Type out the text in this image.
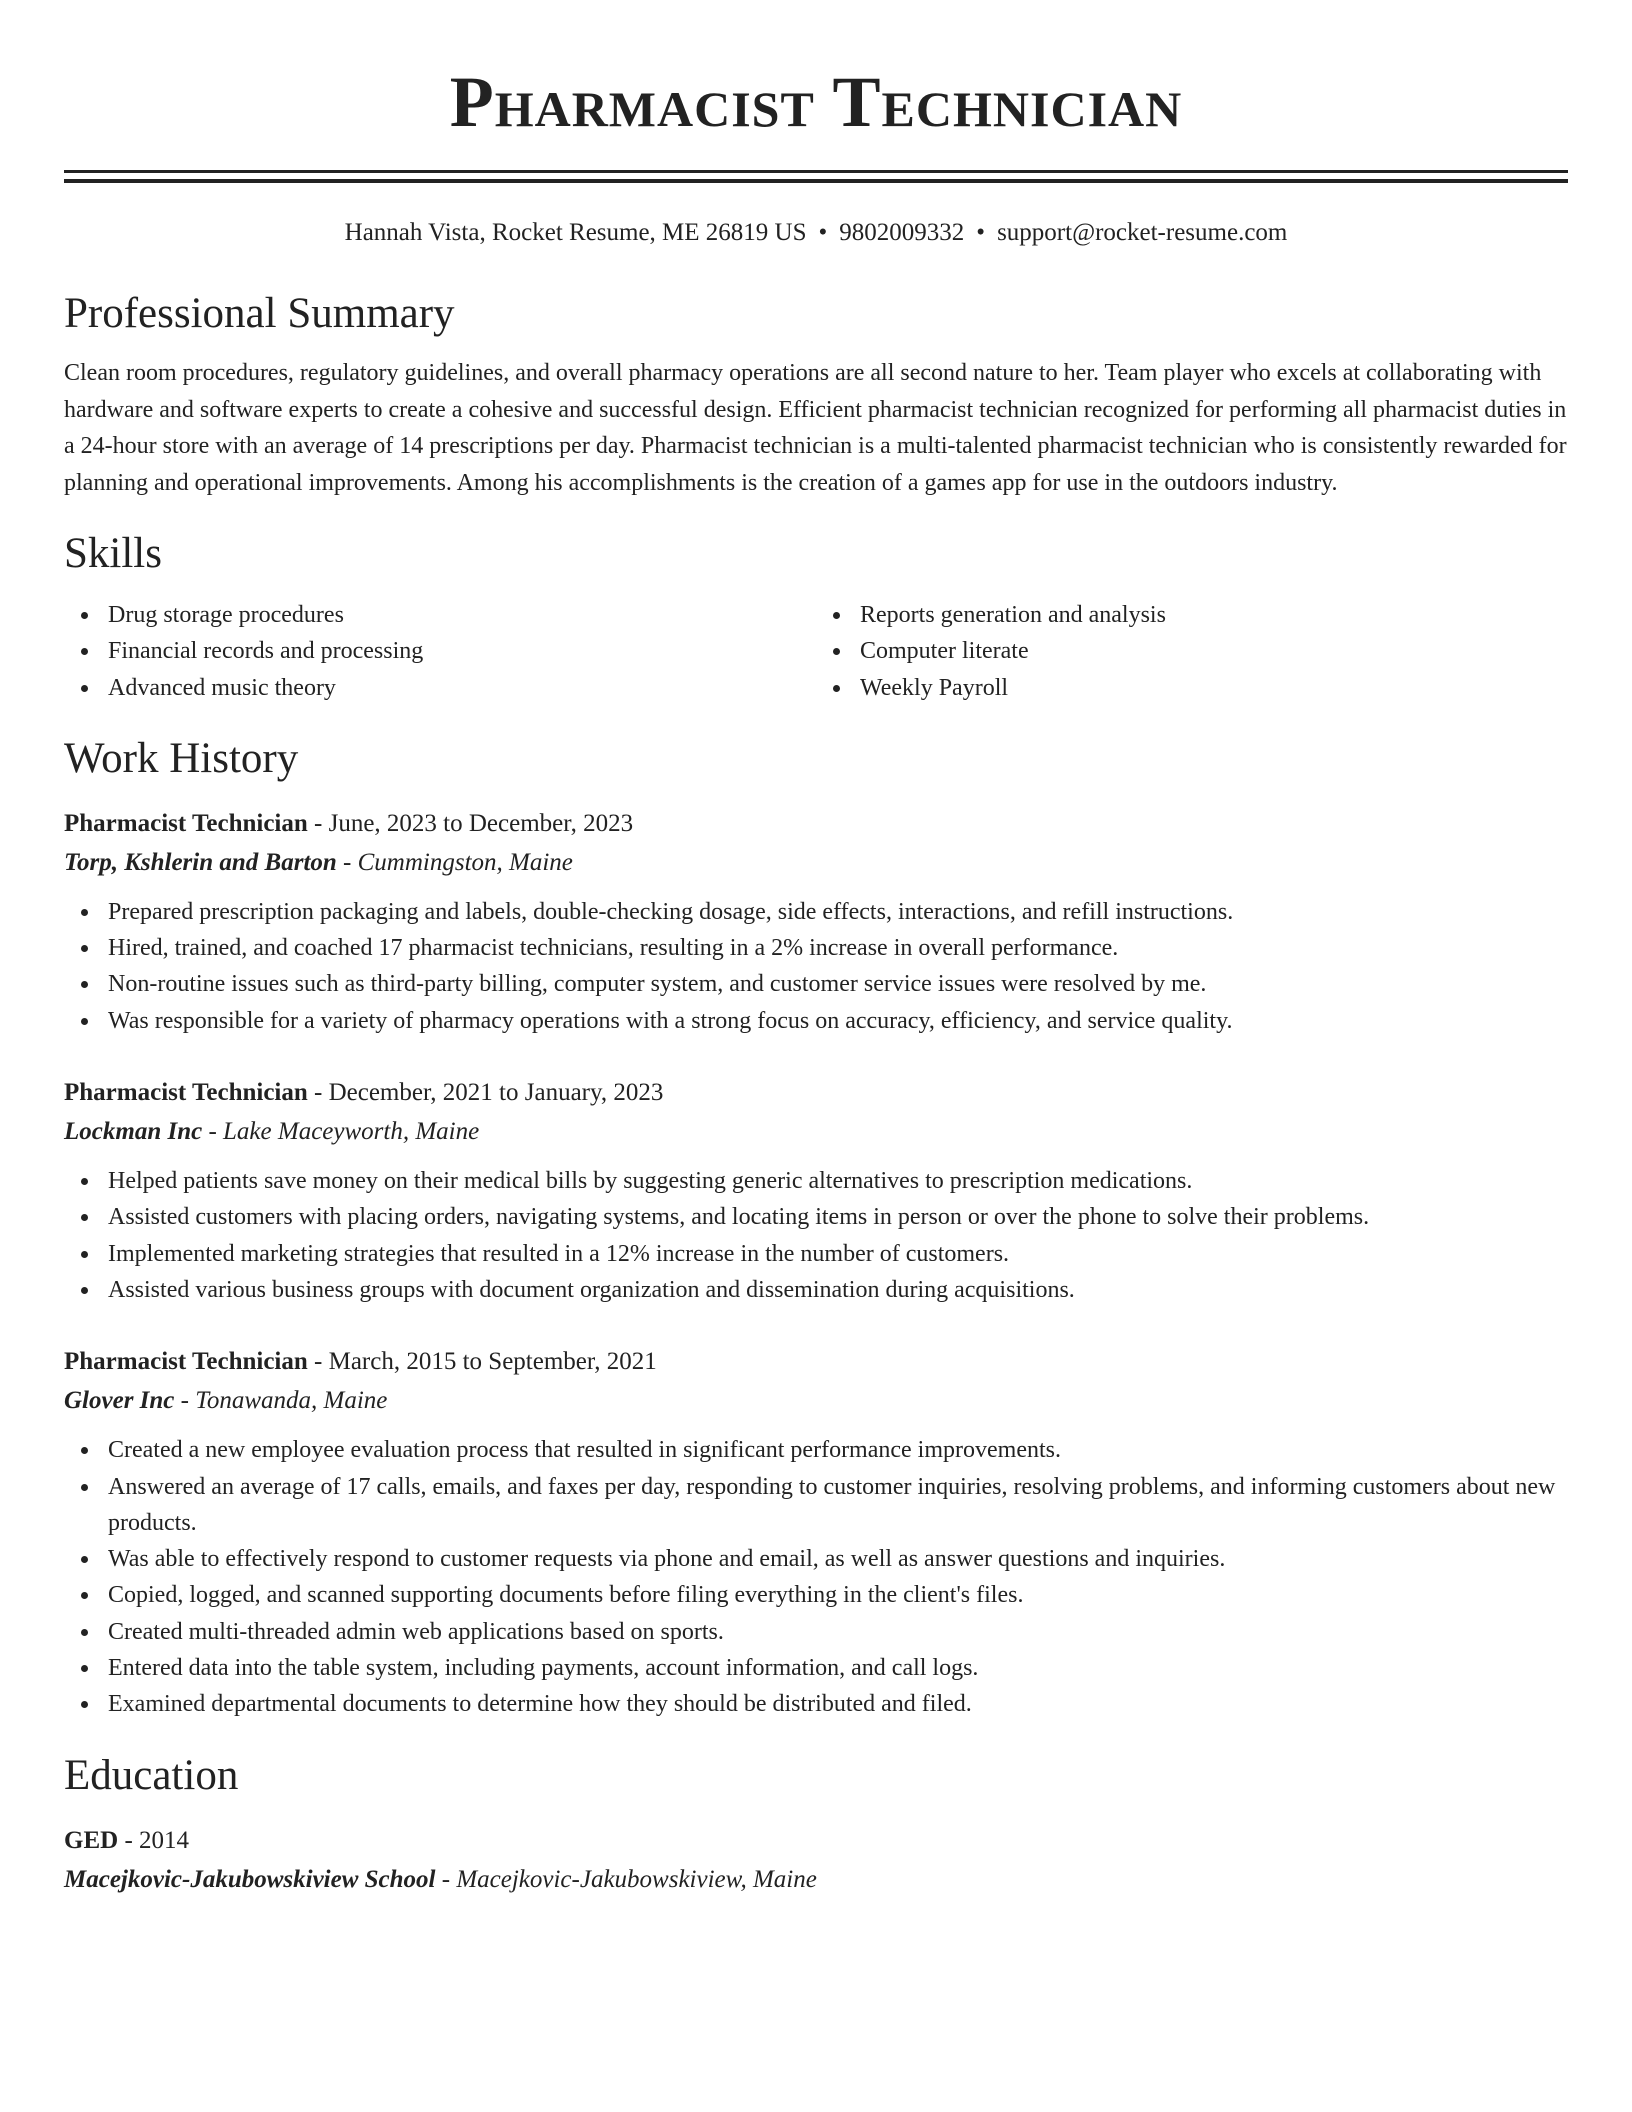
Pharmacist Technician
Hannah Vista, Rocket Resume, ME 26819 US • 9802009332 • support@rocket-resume.com
Professional Summary
Clean room procedures, regulatory guidelines, and overall pharmacy operations are all second nature to her. Team player who excels at collaborating with hardware and software experts to create a cohesive and successful design. Efficient pharmacist technician recognized for performing all pharmacist duties in a 24-hour store with an average of 14 prescriptions per day. Pharmacist technician is a multi-talented pharmacist technician who is consistently rewarded for planning and operational improvements. Among his accomplishments is the creation of a games app for use in the outdoors industry.
Skills
Drug storage procedures
Financial records and processing
Advanced music theory
Reports generation and analysis
Computer literate
Weekly Payroll
Work History
Pharmacist Technician - June, 2023 to December, 2023
Torp, Kshlerin and Barton - Cummingston, Maine
Prepared prescription packaging and labels, double-checking dosage, side effects, interactions, and refill instructions.
Hired, trained, and coached 17 pharmacist technicians, resulting in a 2% increase in overall performance.
Non-routine issues such as third-party billing, computer system, and customer service issues were resolved by me.
Was responsible for a variety of pharmacy operations with a strong focus on accuracy, efficiency, and service quality.
Pharmacist Technician - December, 2021 to January, 2023
Lockman Inc - Lake Maceyworth, Maine
Helped patients save money on their medical bills by suggesting generic alternatives to prescription medications.
Assisted customers with placing orders, navigating systems, and locating items in person or over the phone to solve their problems.
Implemented marketing strategies that resulted in a 12% increase in the number of customers.
Assisted various business groups with document organization and dissemination during acquisitions.
Pharmacist Technician - March, 2015 to September, 2021
Glover Inc - Tonawanda, Maine
Created a new employee evaluation process that resulted in significant performance improvements.
Answered an average of 17 calls, emails, and faxes per day, responding to customer inquiries, resolving problems, and informing customers about new products.
Was able to effectively respond to customer requests via phone and email, as well as answer questions and inquiries.
Copied, logged, and scanned supporting documents before filing everything in the client's files.
Created multi-threaded admin web applications based on sports.
Entered data into the table system, including payments, account information, and call logs.
Examined departmental documents to determine how they should be distributed and filed.
Education
GED - 2014
Macejkovic-Jakubowskiview School - Macejkovic-Jakubowskiview, Maine
